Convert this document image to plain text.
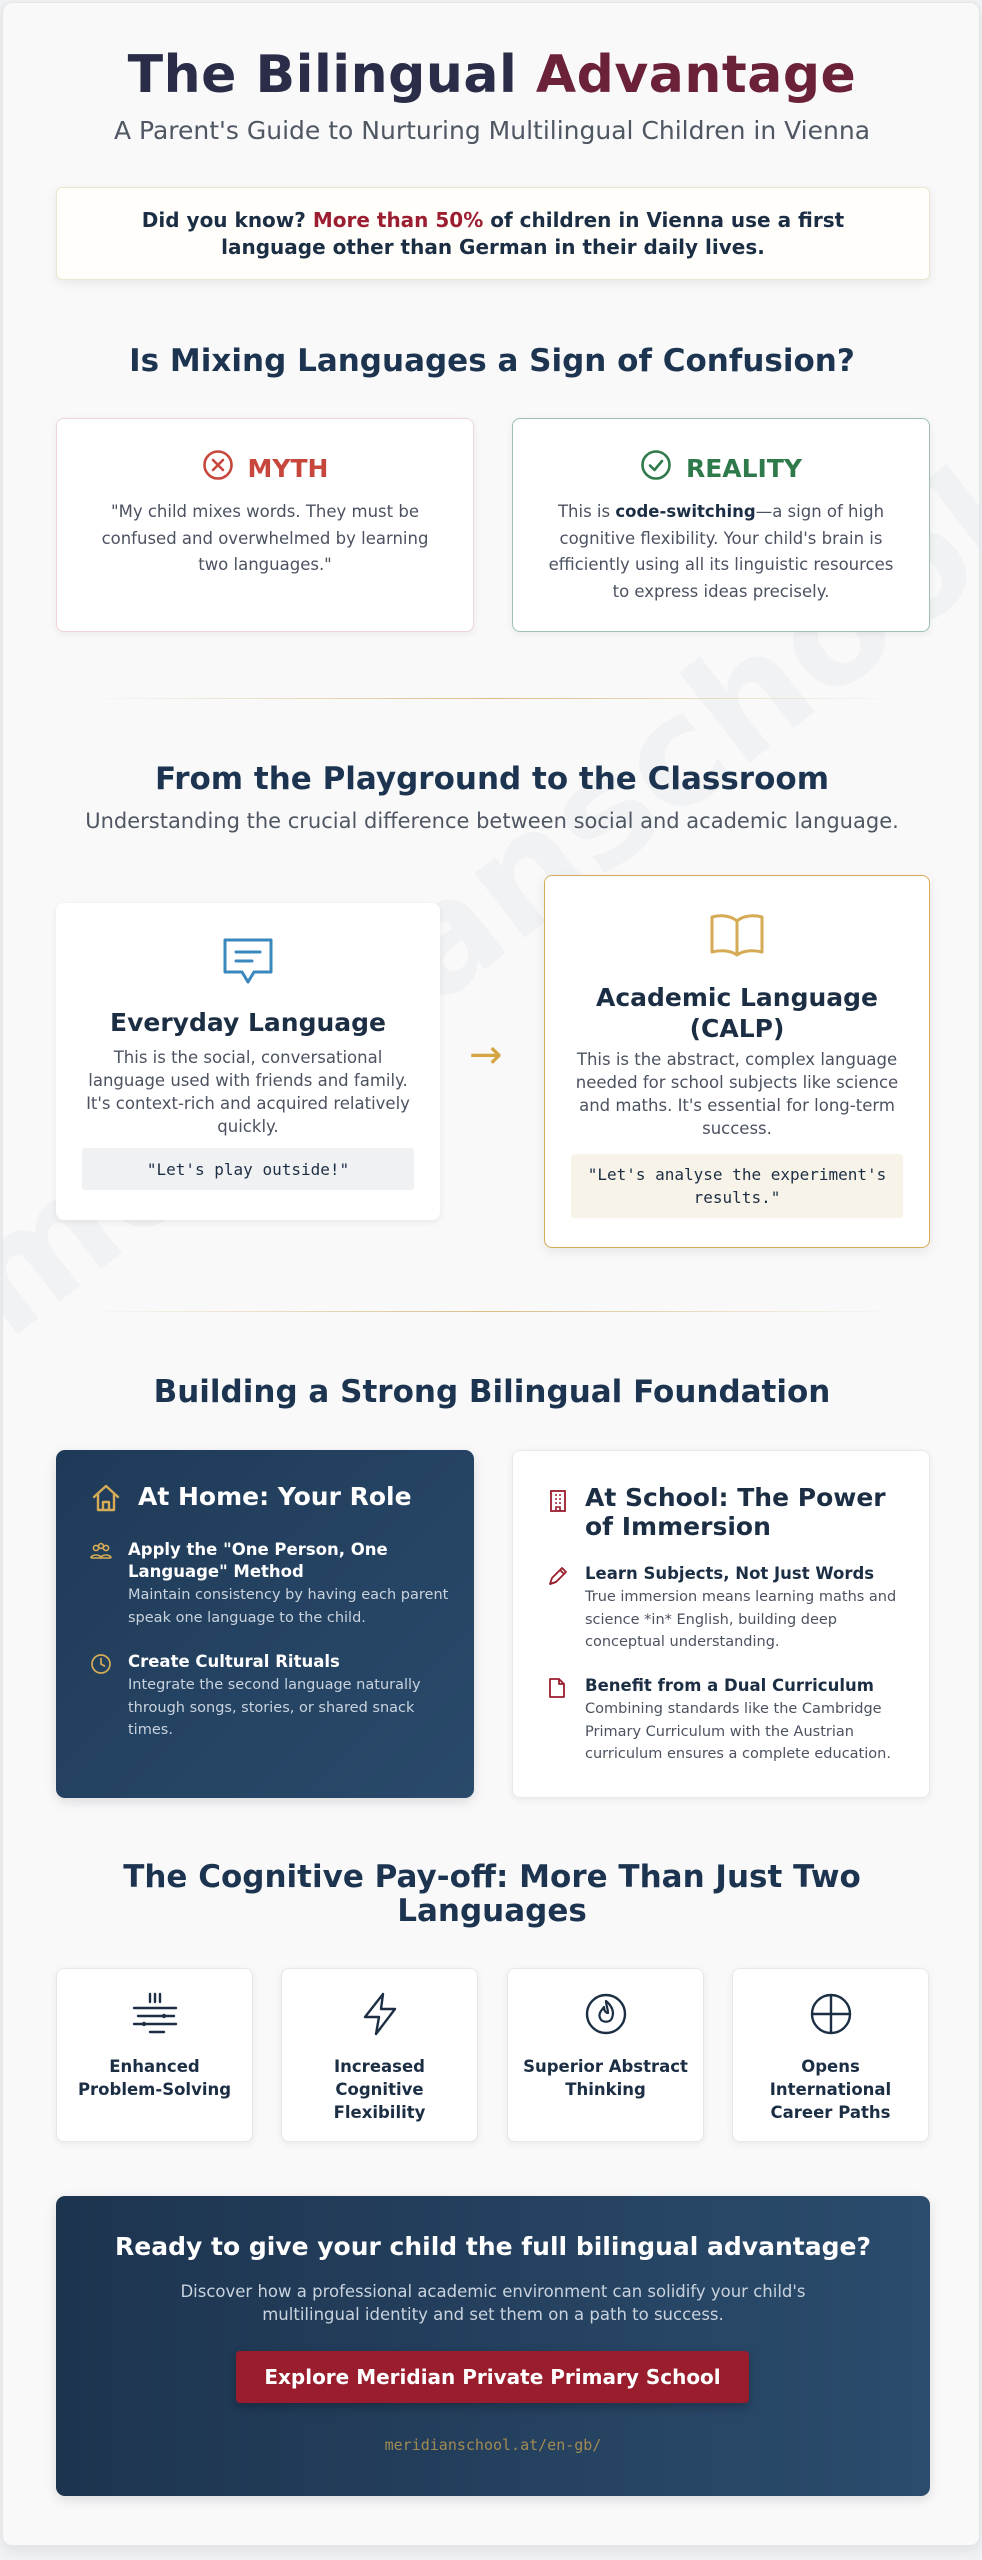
The Bilingual Advantage
A Parent's Guide to Nurturing Multilingual Children in Vienna
Did you know? More than 50% of children in Vienna use a first language other than German in their daily lives.
Is Mixing Languages a Sign of Confusion?
MYTH
"My child mixes words. They must be confused and overwhelmed by learning two languages."
REALITY
This is code-switching—a sign of high cognitive flexibility. Your child's brain is efficiently using all its linguistic resources to express ideas precisely.
From the Playground to the Classroom
Understanding the crucial difference between social and academic language.
Everyday Language
This is the social, conversational language used with friends and family. It's context-rich and acquired relatively quickly.
"Let's play outside!"
→
Academic Language (CALP)
This is the abstract, complex language needed for school subjects like science and maths. It's essential for long-term success.
"Let's analyse the experiment's results."
Building a Strong Bilingual Foundation
At Home: Your Role
Apply the "One Person, One Language" Method
Maintain consistency by having each parent speak one language to the child.
Create Cultural Rituals
Integrate the second language naturally through songs, stories, or shared snack times.
At School: The Power of Immersion
Learn Subjects, Not Just Words
True immersion means learning maths and science *in* English, building deep conceptual understanding.
Benefit from a Dual Curriculum
Combining standards like the Cambridge Primary Curriculum with the Austrian curriculum ensures a complete education.
The Cognitive Pay-off: More Than Just Two Languages
Enhanced Problem-Solving
Increased Cognitive Flexibility
Superior Abstract Thinking
Opens International Career Paths
Ready to give your child the full bilingual advantage?
Discover how a professional academic environment can solidify your child's multilingual identity and set them on a path to success.
Explore Meridian Private Primary School
meridianschool.at/en-gb/
